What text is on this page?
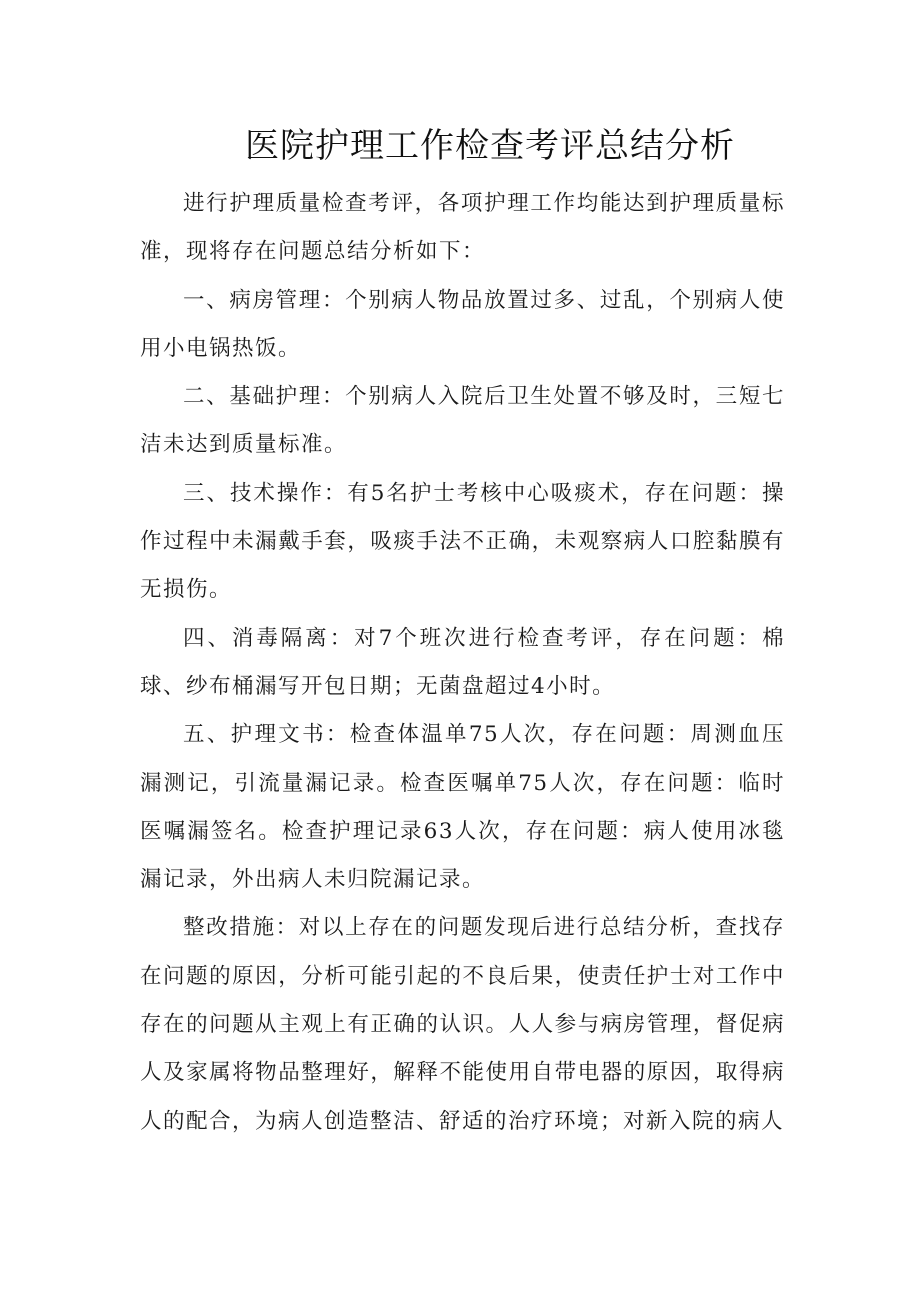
医院护理工作检查考评总结分析

进行护理质量检查考评，各项护理工作均能达到护理质量标准，现将存在问题总结分析如下：

一、病房管理：个别病人物品放置过多、过乱，个别病人使用小电锅热饭。

二、基础护理：个别病人入院后卫生处置不够及时，三短七洁未达到质量标准。

三、技术操作：有5名护士考核中心吸痰术，存在问题：操作过程中未漏戴手套，吸痰手法不正确，未观察病人口腔黏膜有无损伤。

四、消毒隔离：对7个班次进行检查考评，存在问题：棉球、纱布桶漏写开包日期；无菌盘超过4小时。

五、护理文书：检查体温单75人次，存在问题：周测血压漏测记，引流量漏记录。检查医嘱单75人次，存在问题：临时医嘱漏签名。检查护理记录63人次，存在问题：病人使用冰毯漏记录，外出病人未归院漏记录。

整改措施：对以上存在的问题发现后进行总结分析，查找存在问题的原因，分析可能引起的不良后果，使责任护士对工作中存在的问题从主观上有正确的认识。人人参与病房管理，督促病人及家属将物品整理好，解释不能使用自带电器的原因，取得病人的配合，为病人创造整洁、舒适的治疗环境；对新入院的病人
